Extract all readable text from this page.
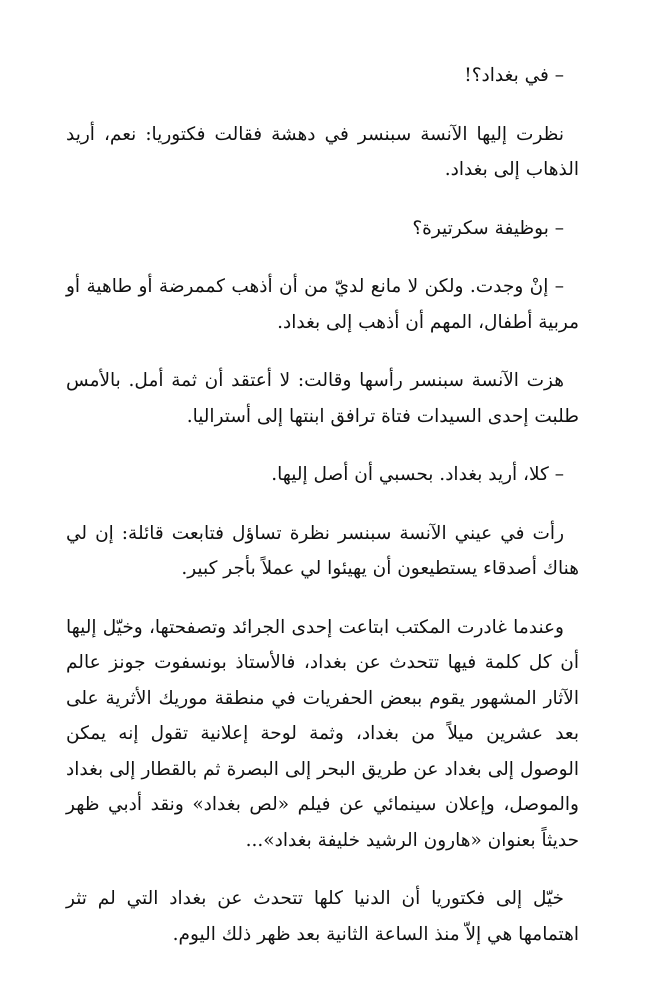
– في بغداد؟!

نظرت إليها الآنسة سبنسر في دهشة فقالت فكتوريا: نعم، أريد الذهاب إلى بغداد.

– بوظيفة سكرتيرة؟

– إنْ وجدت. ولكن لا مانع لديّ من أن أذهب كممرضة أو طاهية أو مربية أطفال، المهم أن أذهب إلى بغداد.

هزت الآنسة سبنسر رأسها وقالت: لا أعتقد أن ثمة أمل. بالأمس طلبت إحدى السيدات فتاة ترافق ابنتها إلى أستراليا.

– كلا، أريد بغداد. بحسبي أن أصل إليها.

رأت في عيني الآنسة سبنسر نظرة تساؤل فتابعت قائلة: إن لي هناك أصدقاء يستطيعون أن يهيئوا لي عملاً بأجر كبير.

وعندما غادرت المكتب ابتاعت إحدى الجرائد وتصفحتها، وخيّل إليها أن كل كلمة فيها تتحدث عن بغداد، فالأستاذ بونسفوت جونز عالم الآثار المشهور يقوم ببعض الحفريات في منطقة موريك الأثرية على بعد عشرين ميلاً من بغداد، وثمة لوحة إعلانية تقول إنه يمكن الوصول إلى بغداد عن طريق البحر إلى البصرة ثم بالقطار إلى بغداد والموصل، وإعلان سينمائي عن فيلم «لص بغداد» ونقد أدبي ظهر حديثاً بعنوان «هارون الرشيد خليفة بغداد»...

خيّل إلى فكتوريا أن الدنيا كلها تتحدث عن بغداد التي لم تثر اهتمامها هي إلاّ منذ الساعة الثانية بعد ظهر ذلك اليوم.
